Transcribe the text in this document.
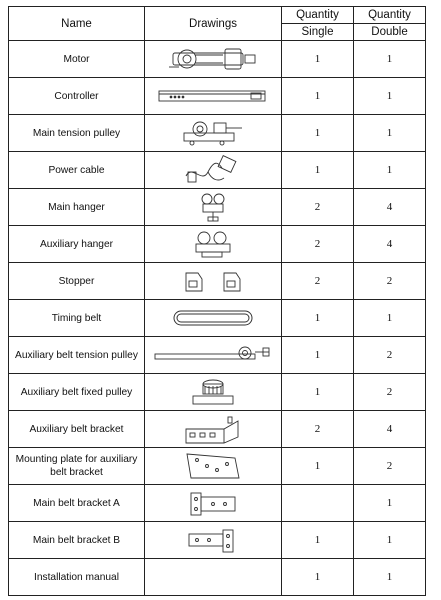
Name	Drawings	Quantity	Quantity
		Single	Double
Motor		1	1
Controller		1	1
Main tension pulley		1	1
Power cable		1	1
Main hanger		2	4
Auxiliary hanger		2	4
Stopper		2	2
Timing belt		1	1
Auxiliary belt tension pulley		1	2
Auxiliary belt fixed pulley		1	2
Auxiliary belt bracket		2	4
Mounting plate for auxiliary belt bracket		1	2
Main belt bracket A			1
Main belt bracket B		1	1
Installation manual		1	1
